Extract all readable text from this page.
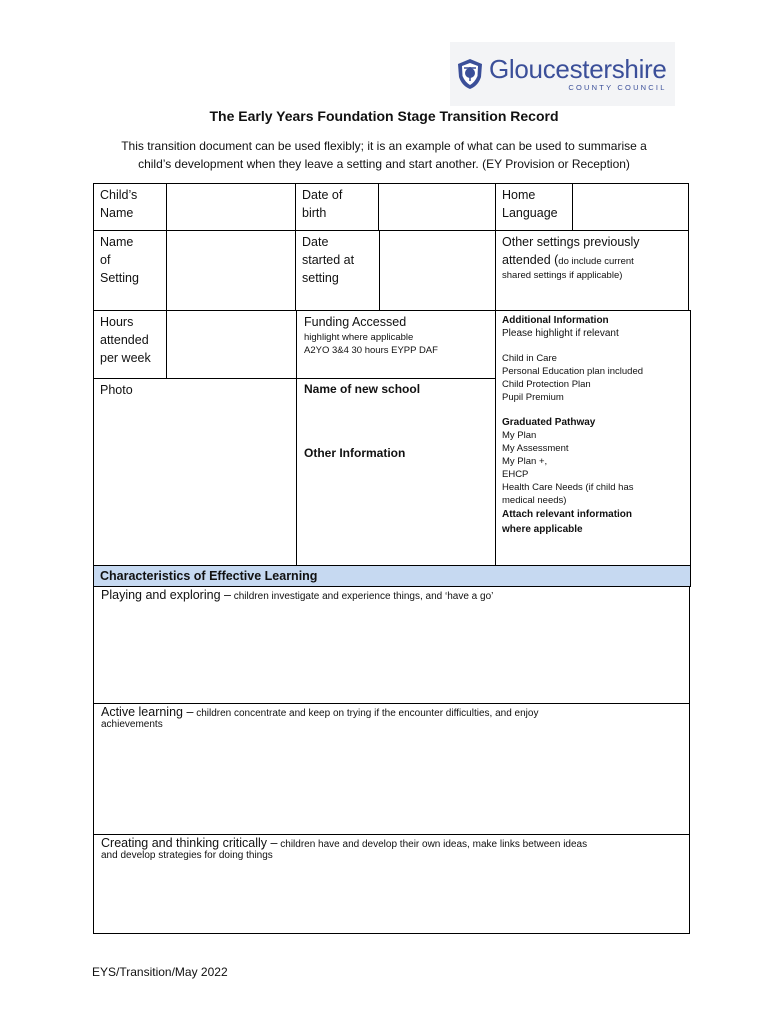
Gloucestershire
COUNTY COUNCIL
The Early Years Foundation Stage Transition Record
This transition document can be used flexibly; it is an example of what can be used to summarise a
child’s development when they leave a setting and start another. (EY Provision or Reception)
Child’s
Name
Date of
birth
Home
Language
Name
of
Setting
Date
started at
setting
Other settings previously
attended (do include current
shared settings if applicable)
Hours
attended
per week
Funding Accessed
highlight where applicable
A2YO 3&4 30 hours EYPP DAF
Additional Information
Please highlight if relevant
Child in Care
Personal Education plan included
Child Protection Plan
Pupil Premium
Graduated Pathway
My Plan
My Assessment
My Plan +,
EHCP
Health Care Needs (if child has
medical needs)
Attach relevant information
where applicable
Photo	Name of new school
Other Information
Characteristics of Effective Learning
Playing and exploring – children investigate and experience things, and ‘have a go’
Active learning – children concentrate and keep on trying if the encounter difficulties, and enjoy
achievements
Creating and thinking critically – children have and develop their own ideas, make links between ideas
and develop strategies for doing things
EYS/Transition/May 2022
